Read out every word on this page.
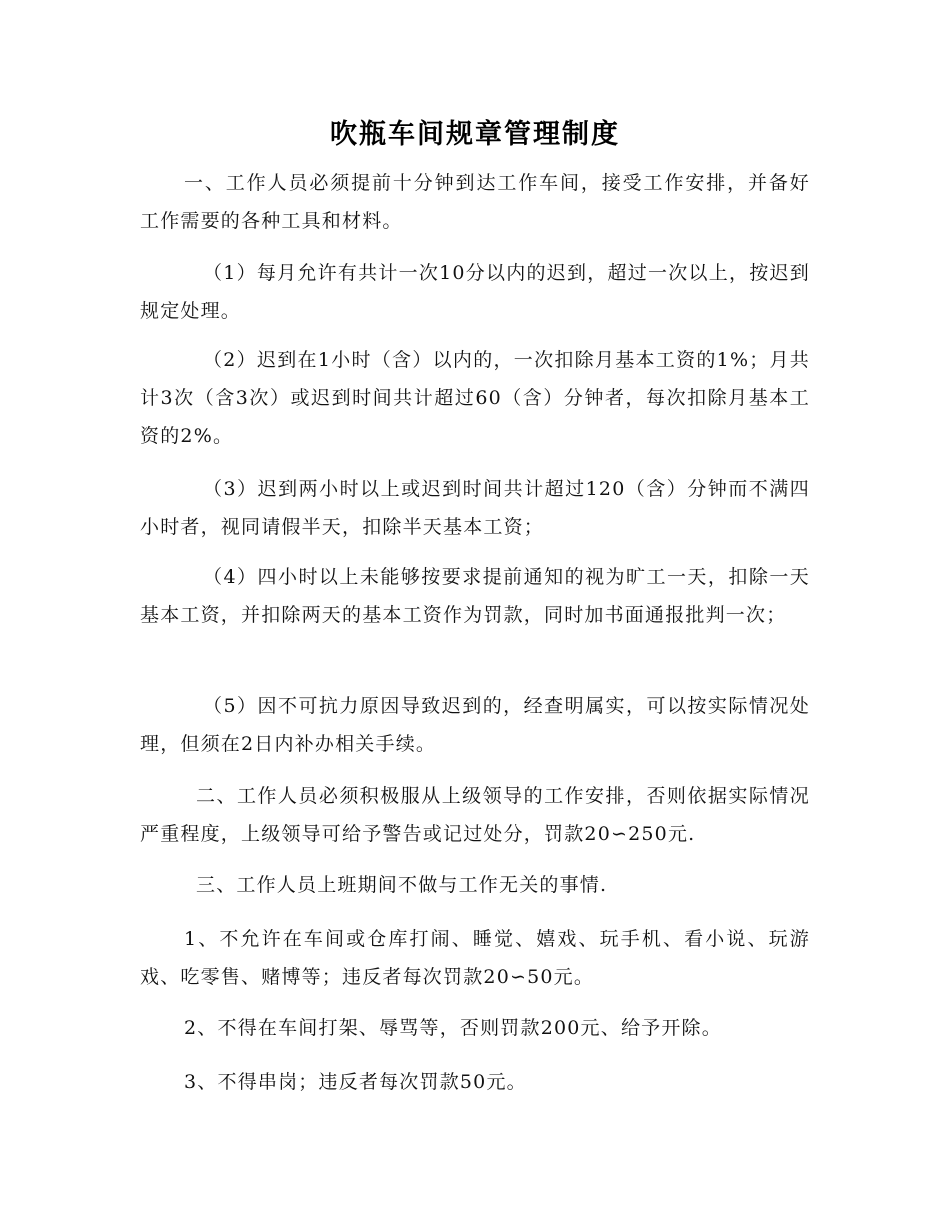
吹瓶车间规章管理制度

一、工作人员必须提前十分钟到达工作车间，接受工作安排，并备好工作需要的各种工具和材料。

（1）每月允许有共计一次10分以内的迟到，超过一次以上，按迟到规定处理。

（2）迟到在1小时（含）以内的，一次扣除月基本工资的1%；月共计3次（含3次）或迟到时间共计超过60（含）分钟者，每次扣除月基本工资的2%。

（3）迟到两小时以上或迟到时间共计超过120（含）分钟而不满四小时者，视同请假半天，扣除半天基本工资；

（4）四小时以上未能够按要求提前通知的视为旷工一天，扣除一天基本工资，并扣除两天的基本工资作为罚款，同时加书面通报批判一次；

（5）因不可抗力原因导致迟到的，经查明属实，可以按实际情况处理，但须在2日内补办相关手续。

二、工作人员必须积极服从上级领导的工作安排，否则依据实际情况严重程度，上级领导可给予警告或记过处分，罚款20∽250元.

三、工作人员上班期间不做与工作无关的事情.

1、不允许在车间或仓库打闹、睡觉、嬉戏、玩手机、看小说、玩游戏、吃零售、赌博等；违反者每次罚款20∽50元。

2、不得在车间打架、辱骂等，否则罚款200元、给予开除。

3、不得串岗；违反者每次罚款50元。
